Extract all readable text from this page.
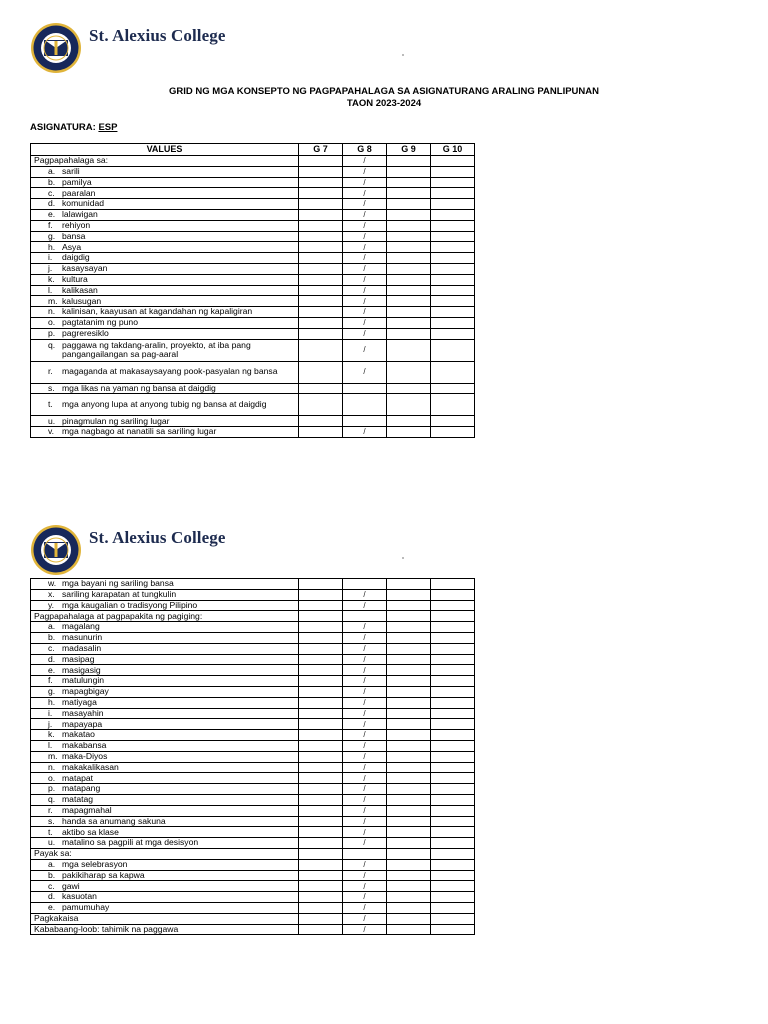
St. Alexius College
GRID NG MGA KONSEPTO NG PAGPAPAHALAGA SA ASIGNATURANG ARALING PANLIPUNAN
TAON 2023-2024
ASIGNATURA: ESP
VALUES	G 7	G 8	G 9	G 10
Pagpapahalaga sa:		/		

a. sarili		/		

b. pamilya		/		

c. paaralan		/		

d. komunidad		/		

e. lalawigan		/		

f. rehiyon		/		

g. bansa		/		

h. Asya		/		

i. daigdig		/		

j. kasaysayan		/		

k. kultura		/		

l. kalikasan		/		

m. kalusugan		/		

n. kalinisan, kaayusan at kagandahan ng kapaligiran		/		

o. pagtatanim ng puno		/		

p. pagreresiklo		/		

q. paggawa ng takdang-aralin, proyekto, at iba pang pangangailangan sa pag-aaral		/		

r. magaganda at makasaysayang pook-pasyalan ng bansa		/		

s. mga likas na yaman ng bansa at daigdig				

t. mga anyong lupa at anyong tubig ng bansa at daigdig				

u. pinagmulan ng sariling lugar				

v. mga nagbago at nanatili sa sariling lugar		/		
St. Alexius College
w. mga bayani ng sariling bansa				

x. sariling karapatan at tungkulin		/		

y. mga kaugalian o tradisyong Pilipino		/		
Pagpapahalaga at pagpapakita ng pagiging:				

a. magalang		/		

b. masunurin		/		

c. madasalin		/		

d. masipag		/		

e. masigasig		/		

f. matulungin		/		

g. mapagbigay		/		

h. matiyaga		/		

i. masayahin		/		

j. mapayapa		/		

k. makatao		/		

l. makabansa		/		

m. maka-Diyos		/		

n. makakalikasan		/		

o. matapat		/		

p. matapang		/		

q. matatag		/		

r. mapagmahal		/		

s. handa sa anumang sakuna		/		

t. aktibo sa klase		/		

u. matalino sa pagpili at mga desisyon		/		
Payak sa:				

a. mga selebrasyon		/		

b. pakikiharap sa kapwa		/		

c. gawi		/		

d. kasuotan		/		

e. pamumuhay		/		
Pagkakaisa		/		
Kababaang-loob: tahimik na paggawa		/		
